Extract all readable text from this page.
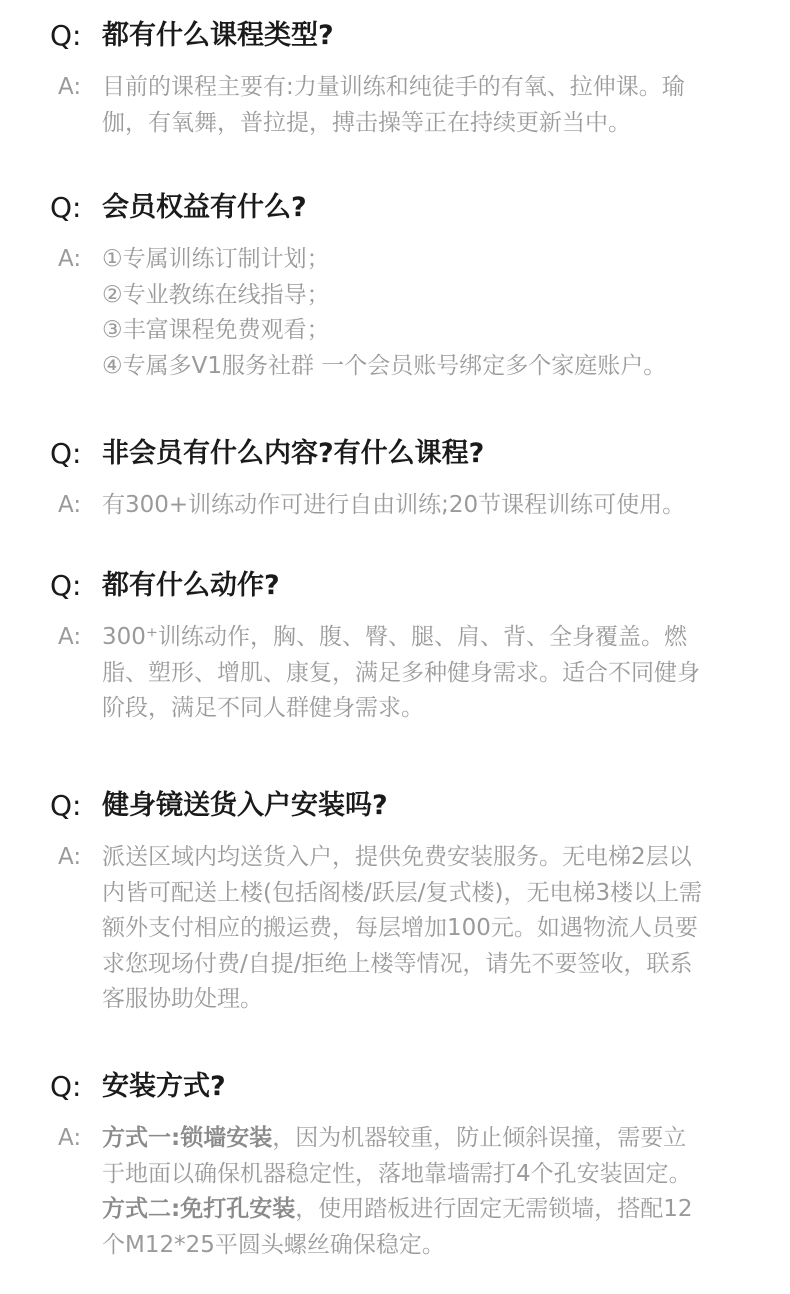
Q: 都有什么课程类型?
A: 目前的课程主要有:力量训练和纯徒手的有氧、拉伸课。瑜
伽，有氧舞，普拉提，搏击操等正在持续更新当中。
Q: 会员权益有什么?
A: ①专属训练订制计划；
②专业教练在线指导；
③丰富课程免费观看；
④专属多V1服务社群 一个会员账号绑定多个家庭账户。
Q: 非会员有什么内容?有什么课程?
A: 有300+训练动作可进行自由训练;20节课程训练可使用。
Q: 都有什么动作?
A: 300⁺训练动作，胸、腹、臀、腿、肩、背、全身覆盖。燃
脂、塑形、增肌、康复，满足多种健身需求。适合不同健身
阶段，满足不同人群健身需求。
Q: 健身镜送货入户安装吗?
A: 派送区域内均送货入户，提供免费安装服务。无电梯2层以
内皆可配送上楼(包括阁楼/跃层/复式楼)，无电梯3楼以上需
额外支付相应的搬运费，每层增加100元。如遇物流人员要
求您现场付费/自提/拒绝上楼等情况，请先不要签收，联系
客服协助处理。
Q: 安装方式?
A: 方式一:锁墙安装，因为机器较重，防止倾斜误撞，需要立
于地面以确保机器稳定性，落地靠墙需打4个孔安装固定。
方式二:免打孔安装，使用踏板进行固定无需锁墙，搭配12
个M12*25平圆头螺丝确保稳定。
